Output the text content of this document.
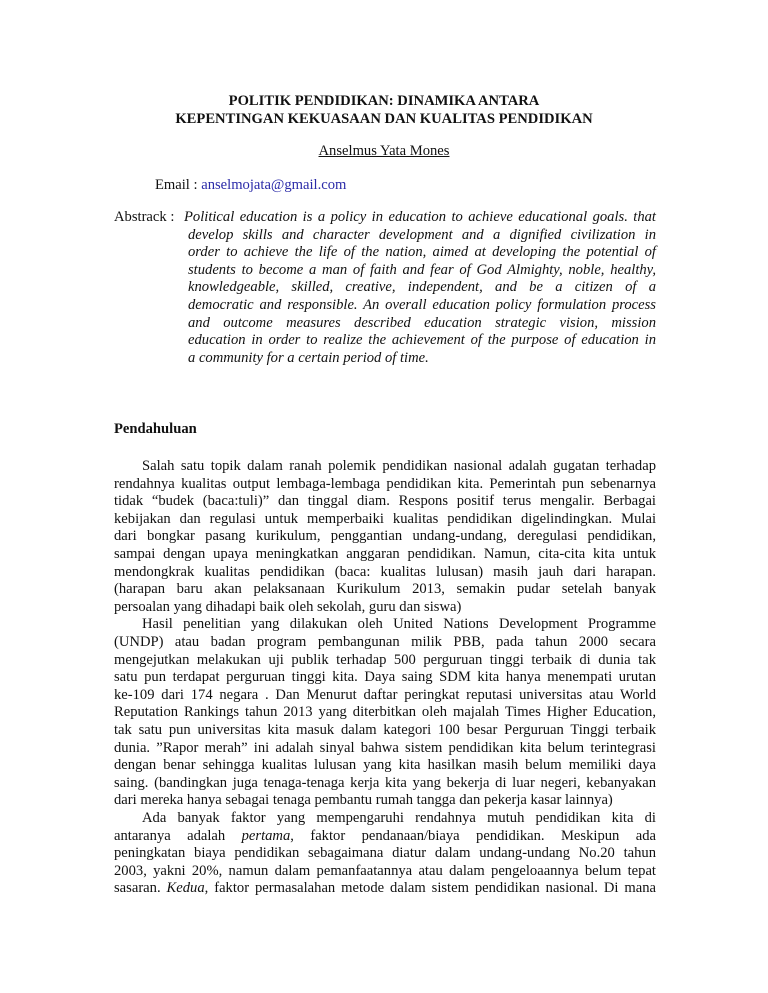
POLITIK PENDIDIKAN: DINAMIKA ANTARA
KEPENTINGAN KEKUASAAN DAN KUALITAS PENDIDIKAN
Anselmus Yata Mones
Email : anselmojata@gmail.com
Abstrack : Political education is a policy in education to achieve educational goals. that
develop skills and character development and a dignified civilization in
order to achieve the life of the nation, aimed at developing the potential of
students to become a man of faith and fear of God Almighty, noble, healthy,
knowledgeable, skilled, creative, independent, and be a citizen of a
democratic and responsible. An overall education policy formulation process
and outcome measures described education strategic vision, mission
education in order to realize the achievement of the purpose of education in
a community for a certain period of time.
Pendahuluan
Salah satu topik dalam ranah polemik pendidikan nasional adalah gugatan terhadap
rendahnya kualitas output lembaga-lembaga pendidikan kita. Pemerintah pun sebenarnya
tidak “budek (baca:tuli)” dan tinggal diam. Respons positif terus mengalir. Berbagai
kebijakan dan regulasi untuk memperbaiki kualitas pendidikan digelindingkan. Mulai
dari bongkar pasang kurikulum, penggantian undang-undang, deregulasi pendidikan,
sampai dengan upaya meningkatkan anggaran pendidikan. Namun, cita-cita kita untuk
mendongkrak kualitas pendidikan (baca: kualitas lulusan) masih jauh dari harapan.
(harapan baru akan pelaksanaan Kurikulum 2013, semakin pudar setelah banyak
persoalan yang dihadapi baik oleh sekolah, guru dan siswa)
Hasil penelitian yang dilakukan oleh United Nations Development Programme
(UNDP) atau badan program pembangunan milik PBB, pada tahun 2000 secara
mengejutkan melakukan uji publik terhadap 500 perguruan tinggi terbaik di dunia tak
satu pun terdapat perguruan tinggi kita. Daya saing SDM kita hanya menempati urutan
ke-109 dari 174 negara . Dan Menurut daftar peringkat reputasi universitas atau World
Reputation Rankings tahun 2013 yang diterbitkan oleh majalah Times Higher Education,
tak satu pun universitas kita masuk dalam kategori 100 besar Perguruan Tinggi terbaik
dunia. ”Rapor merah” ini adalah sinyal bahwa sistem pendidikan kita belum terintegrasi
dengan benar sehingga kualitas lulusan yang kita hasilkan masih belum memiliki daya
saing. (bandingkan juga tenaga-tenaga kerja kita yang bekerja di luar negeri, kebanyakan
dari mereka hanya sebagai tenaga pembantu rumah tangga dan pekerja kasar lainnya)
Ada banyak faktor yang mempengaruhi rendahnya mutuh pendidikan kita di
antaranya adalah pertama, faktor pendanaan/biaya pendidikan. Meskipun ada
peningkatan biaya pendidikan sebagaimana diatur dalam undang-undang No.20 tahun
2003, yakni 20%, namun dalam pemanfaatannya atau dalam pengeloaannya belum tepat
sasaran. Kedua, faktor permasalahan metode dalam sistem pendidikan nasional. Di mana
